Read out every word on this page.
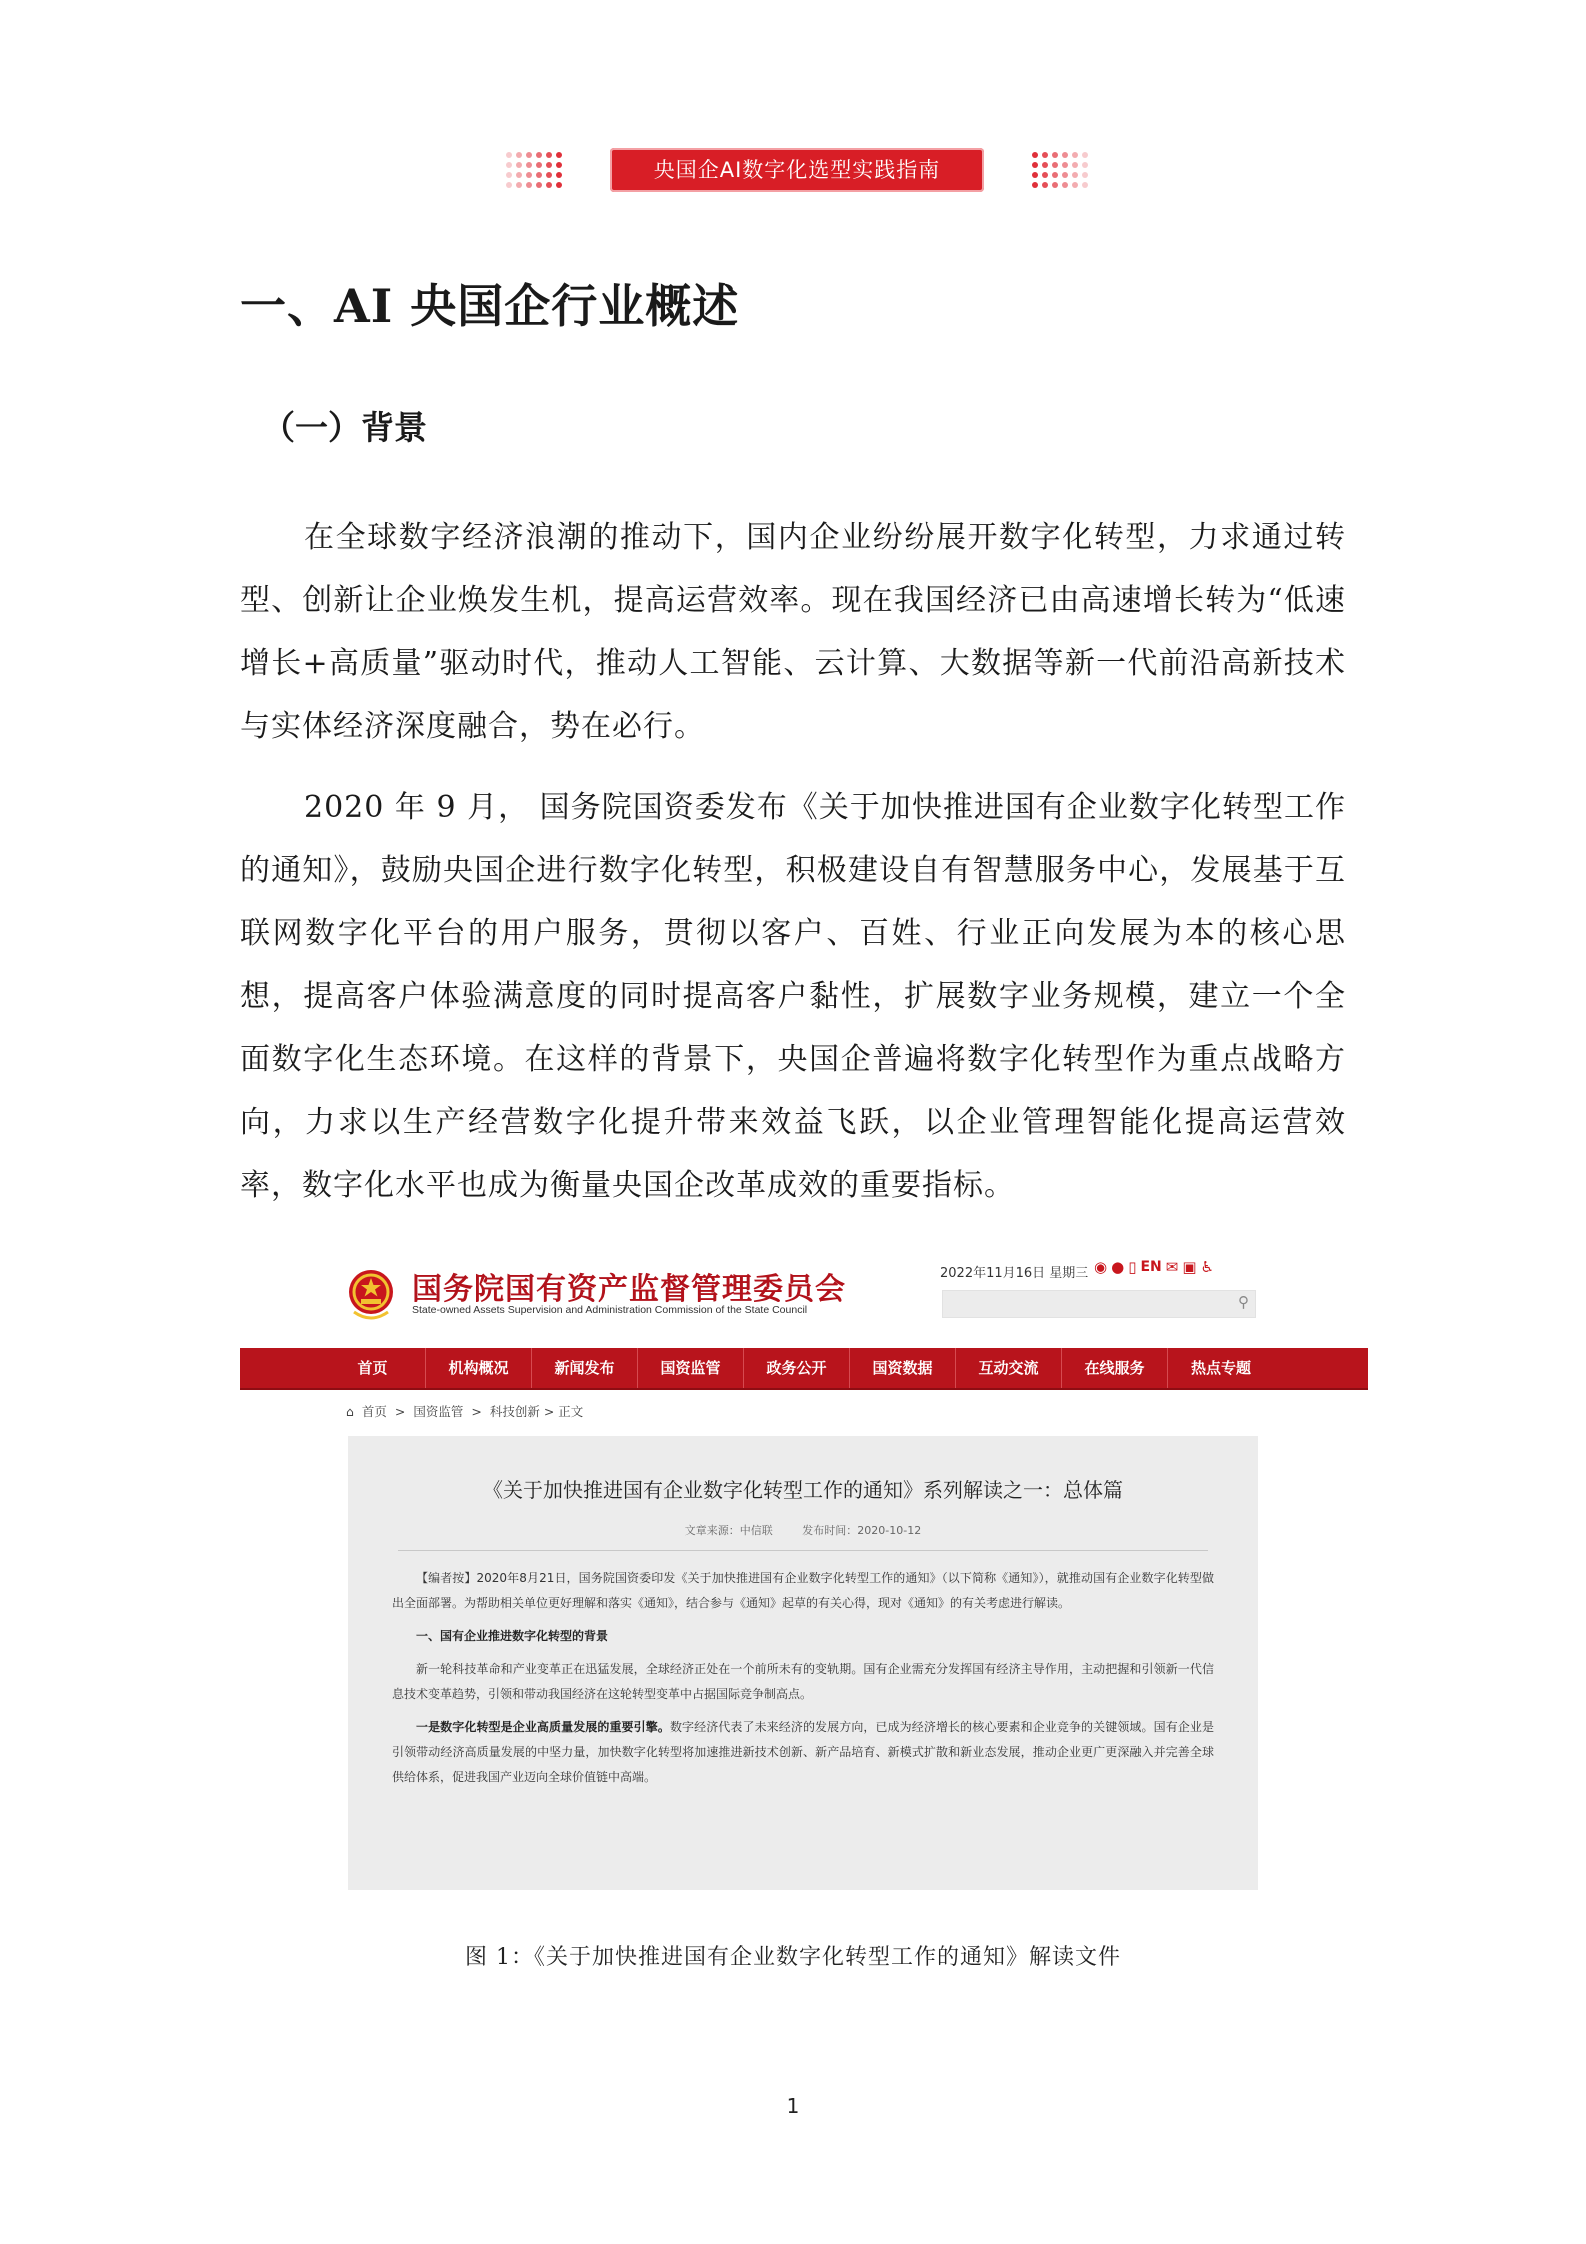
央国企AI数字化选型实践指南
一、AI 央国企行业概述
（一）背景
在全球数字经济浪潮的推动下，国内企业纷纷展开数字化转型，力求通过转型、创新让企业焕发生机，提高运营效率。现在我国经济已由高速增长转为“低速增长+高质量”驱动时代，推动人工智能、云计算、大数据等新一代前沿高新技术与实体经济深度融合，势在必行。
2020 年 9 月， 国务院国资委发布《关于加快推进国有企业数字化转型工作的通知》，鼓励央国企进行数字化转型，积极建设自有智慧服务中心，发展基于互联网数字化平台的用户服务，贯彻以客户、百姓、行业正向发展为本的核心思想，提高客户体验满意度的同时提高客户黏性，扩展数字业务规模，建立一个全面数字化生态环境。在这样的背景下，央国企普遍将数字化转型作为重点战略方向，力求以生产经营数字化提升带来效益飞跃，以企业管理智能化提高运营效率，数字化水平也成为衡量央国企改革成效的重要指标。
国务院国有资产监督管理委员会
State-owned Assets Supervision and Administration Commission of the State Council
2022年11月16日 星期三 ◉ ● ▯ EN ✉ ▣ ♿
⚲
首页	机构概况	新闻发布	国资监管	政务公开	国资数据	互动交流	在线服务	热点专题
⌂ 首页 > 国资监管 > 科技创新 > 正文
《关于加快推进国有企业数字化转型工作的通知》系列解读之一：总体篇
文章来源：中信联	发布时间：2020-10-12

【编者按】2020年8月21日，国务院国资委印发《关于加快推进国有企业数字化转型工作的通知》（以下简称《通知》），就推动国有企业数字化转型做出全面部署。为帮助相关单位更好理解和落实《通知》，结合参与《通知》起草的有关心得，现对《通知》的有关考虑进行解读。

一、国有企业推进数字化转型的背景

新一轮科技革命和产业变革正在迅猛发展，全球经济正处在一个前所未有的变轨期。国有企业需充分发挥国有经济主导作用，主动把握和引领新一代信息技术变革趋势，引领和带动我国经济在这轮转型变革中占据国际竞争制高点。

一是数字化转型是企业高质量发展的重要引擎。数字经济代表了未来经济的发展方向，已成为经济增长的核心要素和企业竞争的关键领域。国有企业是引领带动经济高质量发展的中坚力量，加快数字化转型将加速推进新技术创新、新产品培育、新模式扩散和新业态发展，推动企业更广更深融入并完善全球供给体系，促进我国产业迈向全球价值链中高端。

图 1：《关于加快推进国有企业数字化转型工作的通知》解读文件
1
